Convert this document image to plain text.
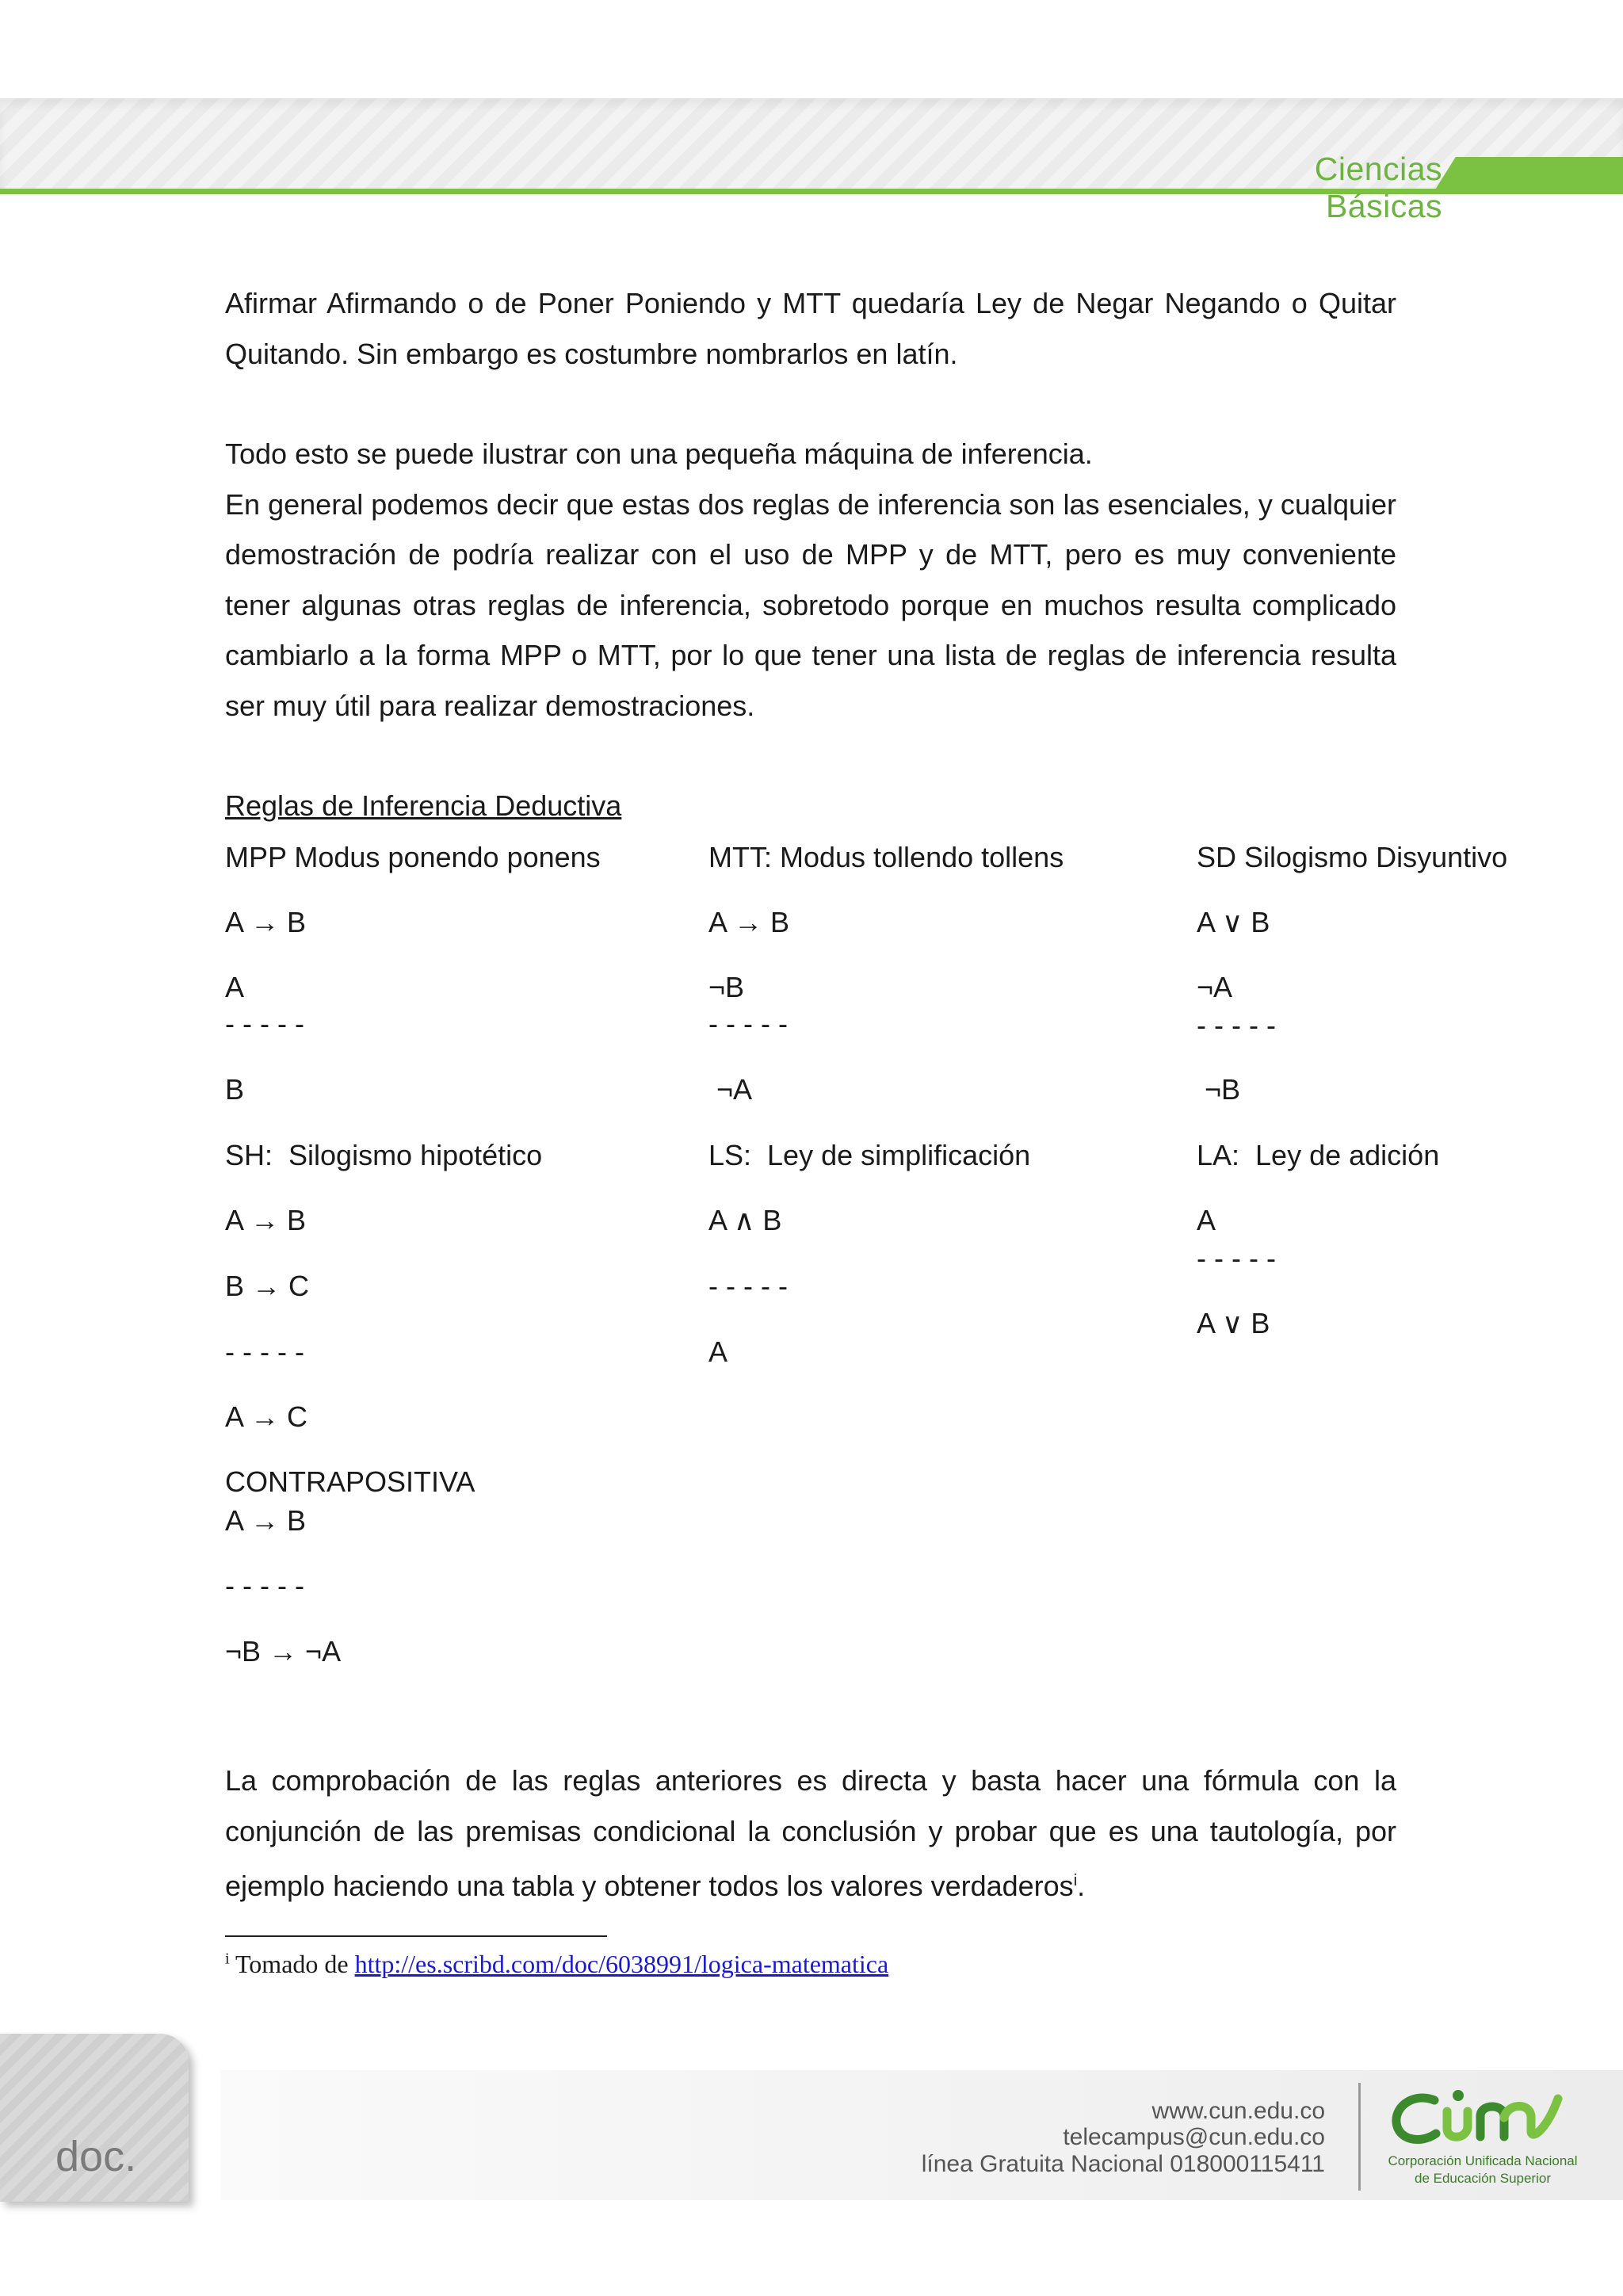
Ciencias Básicas

Afirmar Afirmando o de Poner Poniendo y MTT quedaría Ley de Negar Negando o Quitar Quitando. Sin embargo es costumbre nombrarlos en latín.

Todo esto se puede ilustrar con una pequeña máquina de inferencia.
En general podemos decir que estas dos reglas de inferencia son las esenciales, y cualquier demostración de podría realizar con el uso de MPP y de MTT, pero es muy conveniente tener algunas otras reglas de inferencia, sobretodo porque en muchos resulta complicado cambiarlo a la forma MPP o MTT, por lo que tener una lista de reglas de inferencia resulta ser muy útil para realizar demostraciones.

Reglas de Inferencia Deductiva

MPP Modus ponendo ponens
A → B
A
- - - - -
B
MTT: Modus tollendo tollens
A → B
¬B
- - - - -
¬A
SD Silogismo Disyuntivo
A ∨ B
¬A
- - - - -
¬B
SH:  Silogismo hipotético
A → B
B → C
- - - - -
A → C
LS:  Ley de simplificación
A ∧ B
- - - - -
A
LA:  Ley de adición
A
- - - - -
A ∨ B
CONTRAPOSITIVA
A → B
- - - - -
¬B → ¬A

La comprobación de las reglas anteriores es directa y basta hacer una fórmula con la conjunción de las premisas condicional la conclusión y probar que es una tautología, por ejemplo haciendo una tabla y obtener todos los valores verdaderos$^i$.

$^i$ Tomado de http://es.scribd.com/doc/6038991/logica-matematica
doc.
www.cun.edu.co
telecampus@cun.edu.co
línea Gratuita Nacional 018000115411	Corporación Unificada Nacional
de Educación Superior
